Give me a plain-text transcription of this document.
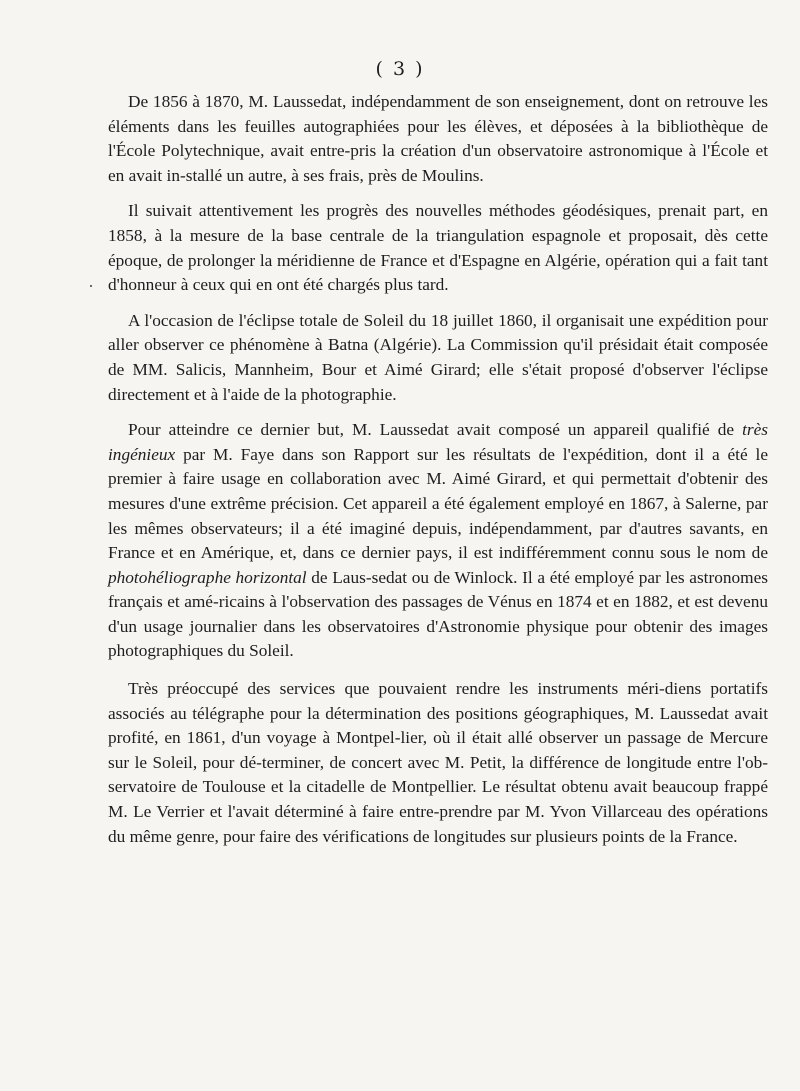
( 3 )
·

De 1856 à 1870, M. Laussedat, indépendamment de son enseignement, dont on retrouve les éléments dans les feuilles autographiées pour les élèves, et déposées à la bibliothèque de l'École Polytechnique, avait entre-pris la création d'un observatoire astronomique à l'École et en avait in-stallé un autre, à ses frais, près de Moulins.

Il suivait attentivement les progrès des nouvelles méthodes géodésiques, prenait part, en 1858, à la mesure de la base centrale de la triangulation espagnole et proposait, dès cette époque, de prolonger la méridienne de France et d'Espagne en Algérie, opération qui a fait tant d'honneur à ceux qui en ont été chargés plus tard.

A l'occasion de l'éclipse totale de Soleil du 18 juillet 1860, il organisait une expédition pour aller observer ce phénomène à Batna (Algérie). La Commission qu'il présidait était composée de MM. Salicis, Mannheim, Bour et Aimé Girard; elle s'était proposé d'observer l'éclipse directement et à l'aide de la photographie.

Pour atteindre ce dernier but, M. Laussedat avait composé un appareil qualifié de très ingénieux par M. Faye dans son Rapport sur les résultats de l'expédition, dont il a été le premier à faire usage en collaboration avec M. Aimé Girard, et qui permettait d'obtenir des mesures d'une extrême précision. Cet appareil a été également employé en 1867, à Salerne, par les mêmes observateurs; il a été imaginé depuis, indépendamment, par d'autres savants, en France et en Amérique, et, dans ce dernier pays, il est indifféremment connu sous le nom de photohéliographe horizontal de Laus-sedat ou de Winlock. Il a été employé par les astronomes français et amé-ricains à l'observation des passages de Vénus en 1874 et en 1882, et est devenu d'un usage journalier dans les observatoires d'Astronomie physique pour obtenir des images photographiques du Soleil.

Très préoccupé des services que pouvaient rendre les instruments méri-diens portatifs associés au télégraphe pour la détermination des positions géographiques, M. Laussedat avait profité, en 1861, d'un voyage à Montpel-lier, où il était allé observer un passage de Mercure sur le Soleil, pour dé-terminer, de concert avec M. Petit, la différence de longitude entre l'ob-servatoire de Toulouse et la citadelle de Montpellier. Le résultat obtenu avait beaucoup frappé M. Le Verrier et l'avait déterminé à faire entre-prendre par M. Yvon Villarceau des opérations du même genre, pour faire des vérifications de longitudes sur plusieurs points de la France.
